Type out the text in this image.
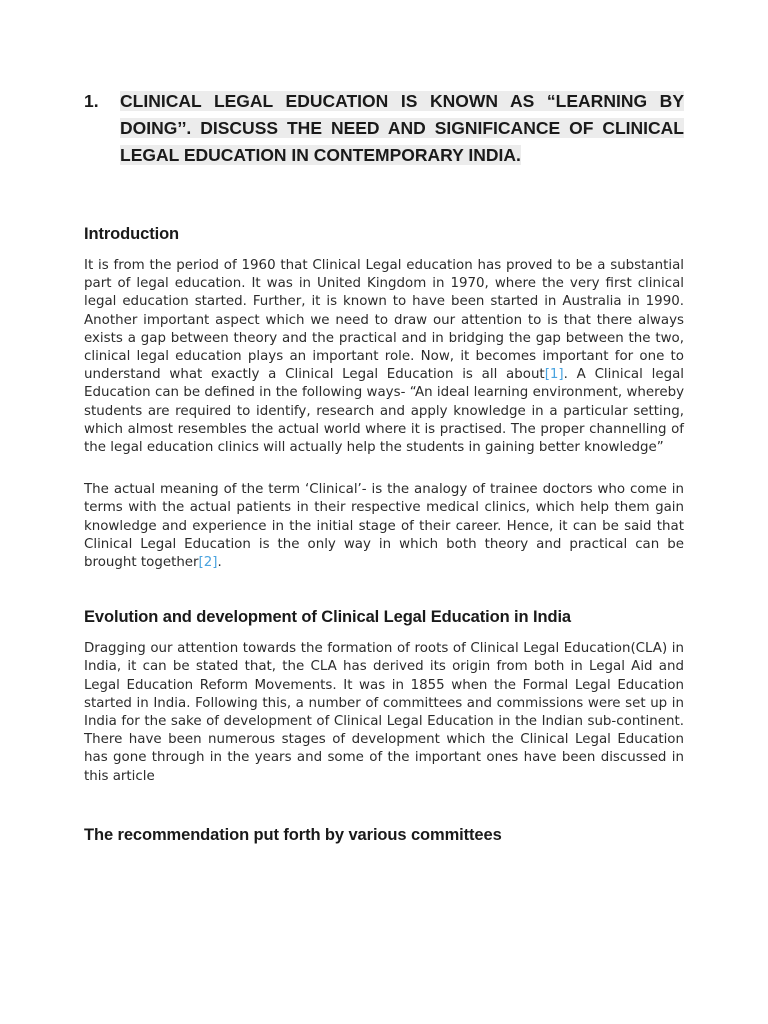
1.	CLINICAL LEGAL EDUCATION IS KNOWN AS “LEARNING BY DOING’’. DISCUSS THE NEED AND SIGNIFICANCE OF CLINICAL LEGAL EDUCATION IN CONTEMPORARY INDIA.
Introduction

It is from the period of 1960 that Clinical Legal education has proved to be a substantial part of legal education. It was in United Kingdom in 1970, where the very first clinical legal education started. Further, it is known to have been started in Australia in 1990. Another important aspect which we need to draw our attention to is that there always exists a gap between theory and the practical and in bridging the gap between the two, clinical legal education plays an important role. Now, it becomes important for one to understand what exactly a Clinical Legal Education is all about[1]. A Clinical legal Education can be defined in the following ways- “An ideal learning environment, whereby students are required to identify, research and apply knowledge in a particular setting, which almost resembles the actual world where it is practised. The proper channelling of the legal education clinics will actually help the students in gaining better knowledge”

The actual meaning of the term ‘Clinical’- is the analogy of trainee doctors who come in terms with the actual patients in their respective medical clinics, which help them gain knowledge and experience in the initial stage of their career. Hence, it can be said that Clinical Legal Education is the only way in which both theory and practical can be brought together[2].

Evolution and development of Clinical Legal Education in India

Dragging our attention towards the formation of roots of Clinical Legal Education(CLA) in India, it can be stated that, the CLA has derived its origin from both in Legal Aid and Legal Education Reform Movements. It was in 1855 when the Formal Legal Education started in India. Following this, a number of committees and commissions were set up in India for the sake of development of Clinical Legal Education in the Indian sub-continent. There have been numerous stages of development which the Clinical Legal Education has gone through in the years and some of the important ones have been discussed in this article

The recommendation put forth by various committees
